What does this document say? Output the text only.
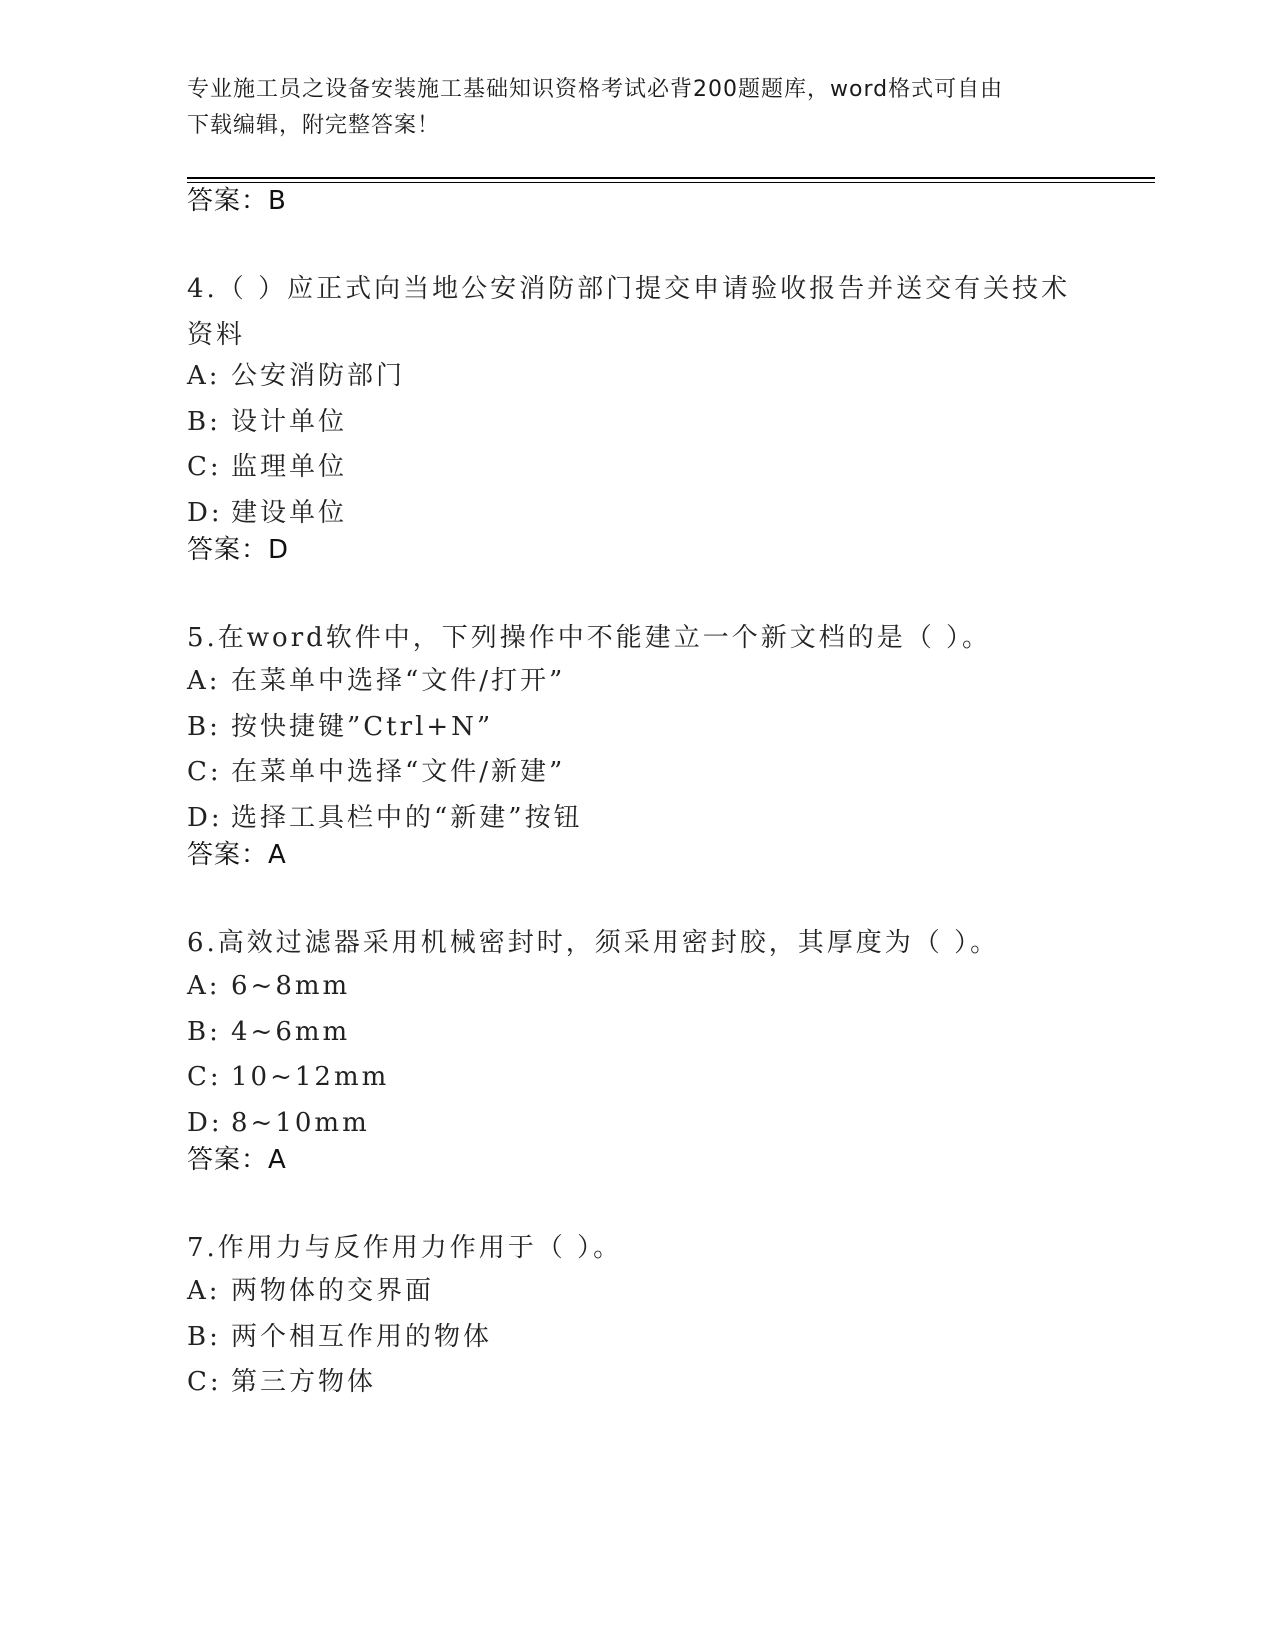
专业施工员之设备安装施工基础知识资格考试必背200题题库，word格式可自由
下载编辑，附完整答案！
答案：B
4.（ ）应正式向当地公安消防部门提交申请验收报告并送交有关技术
资料
A: 公安消防部门
B: 设计单位
C: 监理单位
D: 建设单位
答案：D
5.在word软件中，下列操作中不能建立一个新文档的是（ ）。
A: 在菜单中选择“文件/打开”
B: 按快捷键”Ctrl+N”
C: 在菜单中选择“文件/新建”
D: 选择工具栏中的“新建”按钮
答案：A
6.高效过滤器采用机械密封时，须采用密封胶，其厚度为（ ）。
A: 6~8mm
B: 4~6mm
C: 10~12mm
D: 8~10mm
答案：A
7.作用力与反作用力作用于（ ）。
A: 两物体的交界面
B: 两个相互作用的物体
C: 第三方物体
